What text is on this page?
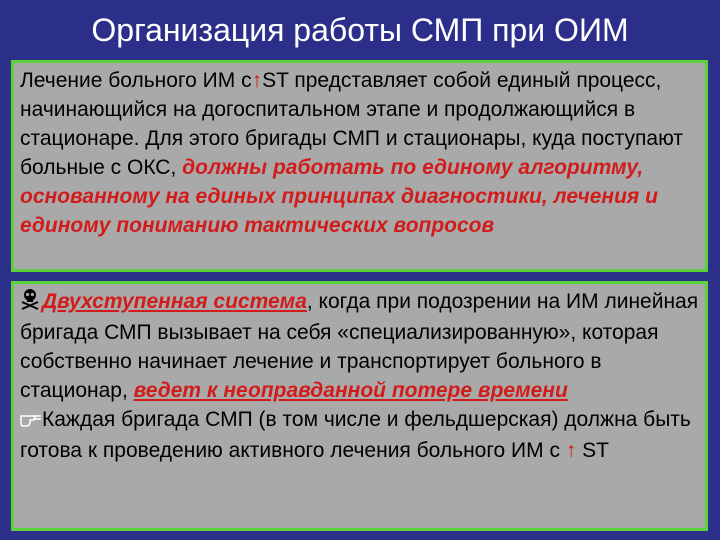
Организация работы СМП при ОИМ
Лечение больного ИМ с↑ST представляет собой единый процесс, начинающийся на догоспитальном этапе и продолжающийся в стационаре. Для этого бригады СМП и стационары, куда поступают больные с ОКС, должны работать по единому алгоритму, основанному на единых принципах диагностики, лечения и единому пониманию тактических вопросов
Двухступенная система, когда при подозрении на ИМ линейная бригада СМП вызывает на себя «специализированную», которая собственно начинает лечение и транспортирует больного в стационар, ведет к неоправданной потере времени
Каждая бригада СМП (в том числе и фельдшерская) должна быть готова к проведению активного лечения больного ИМ с ↑ ST
